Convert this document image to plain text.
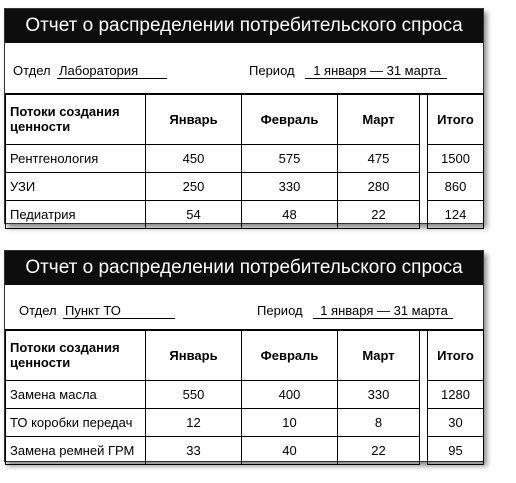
Отчет о распределении потребительского спроса
Отдел Лаборатория	Период	1 января — 31 марта
Потоки создания ценности	Январь	Февраль	Март		Итого
Рентгенология	450	575	475		1500
УЗИ	250	330	280		860
Педиатрия	54	48	22		124
Отчет о распределении потребительского спроса
Отдел Пункт ТО	Период	1 января — 31 марта
Потоки создания ценности	Январь	Февраль	Март		Итого
Замена масла	550	400	330		1280
ТО коробки передач	12	10	8		30
Замена ремней ГРМ	33	40	22		95
